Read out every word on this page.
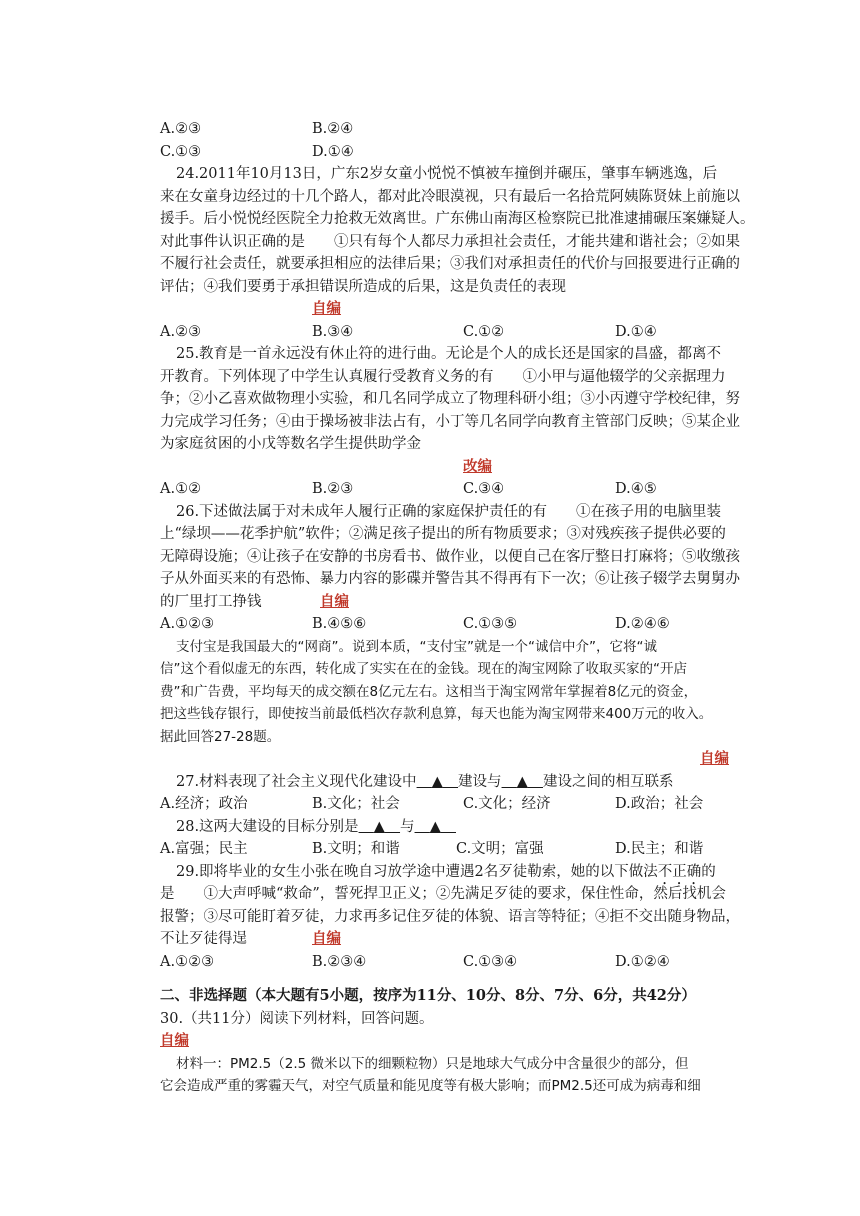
A.②③	B.②④
C.①③	D.①④
24.2011年10月13日，广东2岁女童小悦悦不慎被车撞倒并碾压，肇事车辆逃逸，后
来在女童身边经过的十几个路人，都对此冷眼漠视，只有最后一名拾荒阿姨陈贤妹上前施以
援手。后小悦悦经医院全力抢救无效离世。广东佛山南海区检察院已批准逮捕碾压案嫌疑人。
对此事件认识正确的是　　①只有每个人都尽力承担社会责任，才能共建和谐社会；②如果
不履行社会责任，就要承担相应的法律后果；③我们对承担责任的代价与回报要进行正确的
评估；④我们要勇于承担错误所造成的后果，这是负责任的表现
自编
A.②③	B.③④	C.①②	D.①④
25.教育是一首永远没有休止符的进行曲。无论是个人的成长还是国家的昌盛，都离不
开教育。下列体现了中学生认真履行受教育义务的有　　①小甲与逼他辍学的父亲据理力
争；②小乙喜欢做物理小实验，和几名同学成立了物理科研小组；③小丙遵守学校纪律，努
力完成学习任务；④由于操场被非法占有，小丁等几名同学向教育主管部门反映；⑤某企业
为家庭贫困的小戊等数名学生提供助学金
改编
A.①②	B.②③	C.③④	D.④⑤
26.下述做法属于对未成年人履行正确的家庭保护责任的有　　①在孩子用的电脑里装
上“绿坝——花季护航”软件；②满足孩子提出的所有物质要求；③对残疾孩子提供必要的
无障碍设施；④让孩子在安静的书房看书、做作业，以便自己在客厅整日打麻将；⑤收缴孩
子从外面买来的有恐怖、暴力内容的影碟并警告其不得再有下一次；⑥让孩子辍学去舅舅办
的厂里打工挣钱	自编
A.①②③	B.④⑤⑥	C.①③⑤	D.②④⑥
支付宝是我国最大的“网商”。说到本质，“支付宝”就是一个“诚信中介”，它将“诚
信”这个看似虚无的东西，转化成了实实在在的金钱。现在的淘宝网除了收取买家的“开店
费”和广告费，平均每天的成交额在8亿元左右。这相当于淘宝网常年掌握着8亿元的资金，
把这些钱存银行，即使按当前最低档次存款利息算，每天也能为淘宝网带来400万元的收入。
据此回答27-28题。
自编
27.材料表现了社会主义现代化建设中 ▲ 建设与 ▲ 建设之间的相互联系
A.经济；政治	B.文化；社会	C.文化；经济	D.政治；社会
28.这两大建设的目标分别是 ▲ 与 ▲
A.富强；民主	B.文明；和谐	C.文明；富强	D.民主；和谐
29.即将毕业的女生小张在晚自习放学途中遭遇2名歹徒勒索，她的以下做法不正确的
是　　①大声呼喊“救命”，誓死捍卫正义；②先满足歹徒的要求，保住性命，然后找机会
报警；③尽可能盯着歹徒，力求再多记住歹徒的体貌、语言等特征；④拒不交出随身物品，
不让歹徒得逞	自编
A.①②③	B.②③④	C.①③④	D.①②④
二、非选择题（本大题有5小题，按序为11分、10分、8分、7分、6分，共42分）
30.（共11分）阅读下列材料，回答问题。
自编
材料一：PM2.5（2.5 微米以下的细颗粒物）只是地球大气成分中含量很少的部分，但
它会造成严重的雾霾天气，对空气质量和能见度等有极大影响；而PM2.5还可成为病毒和细
